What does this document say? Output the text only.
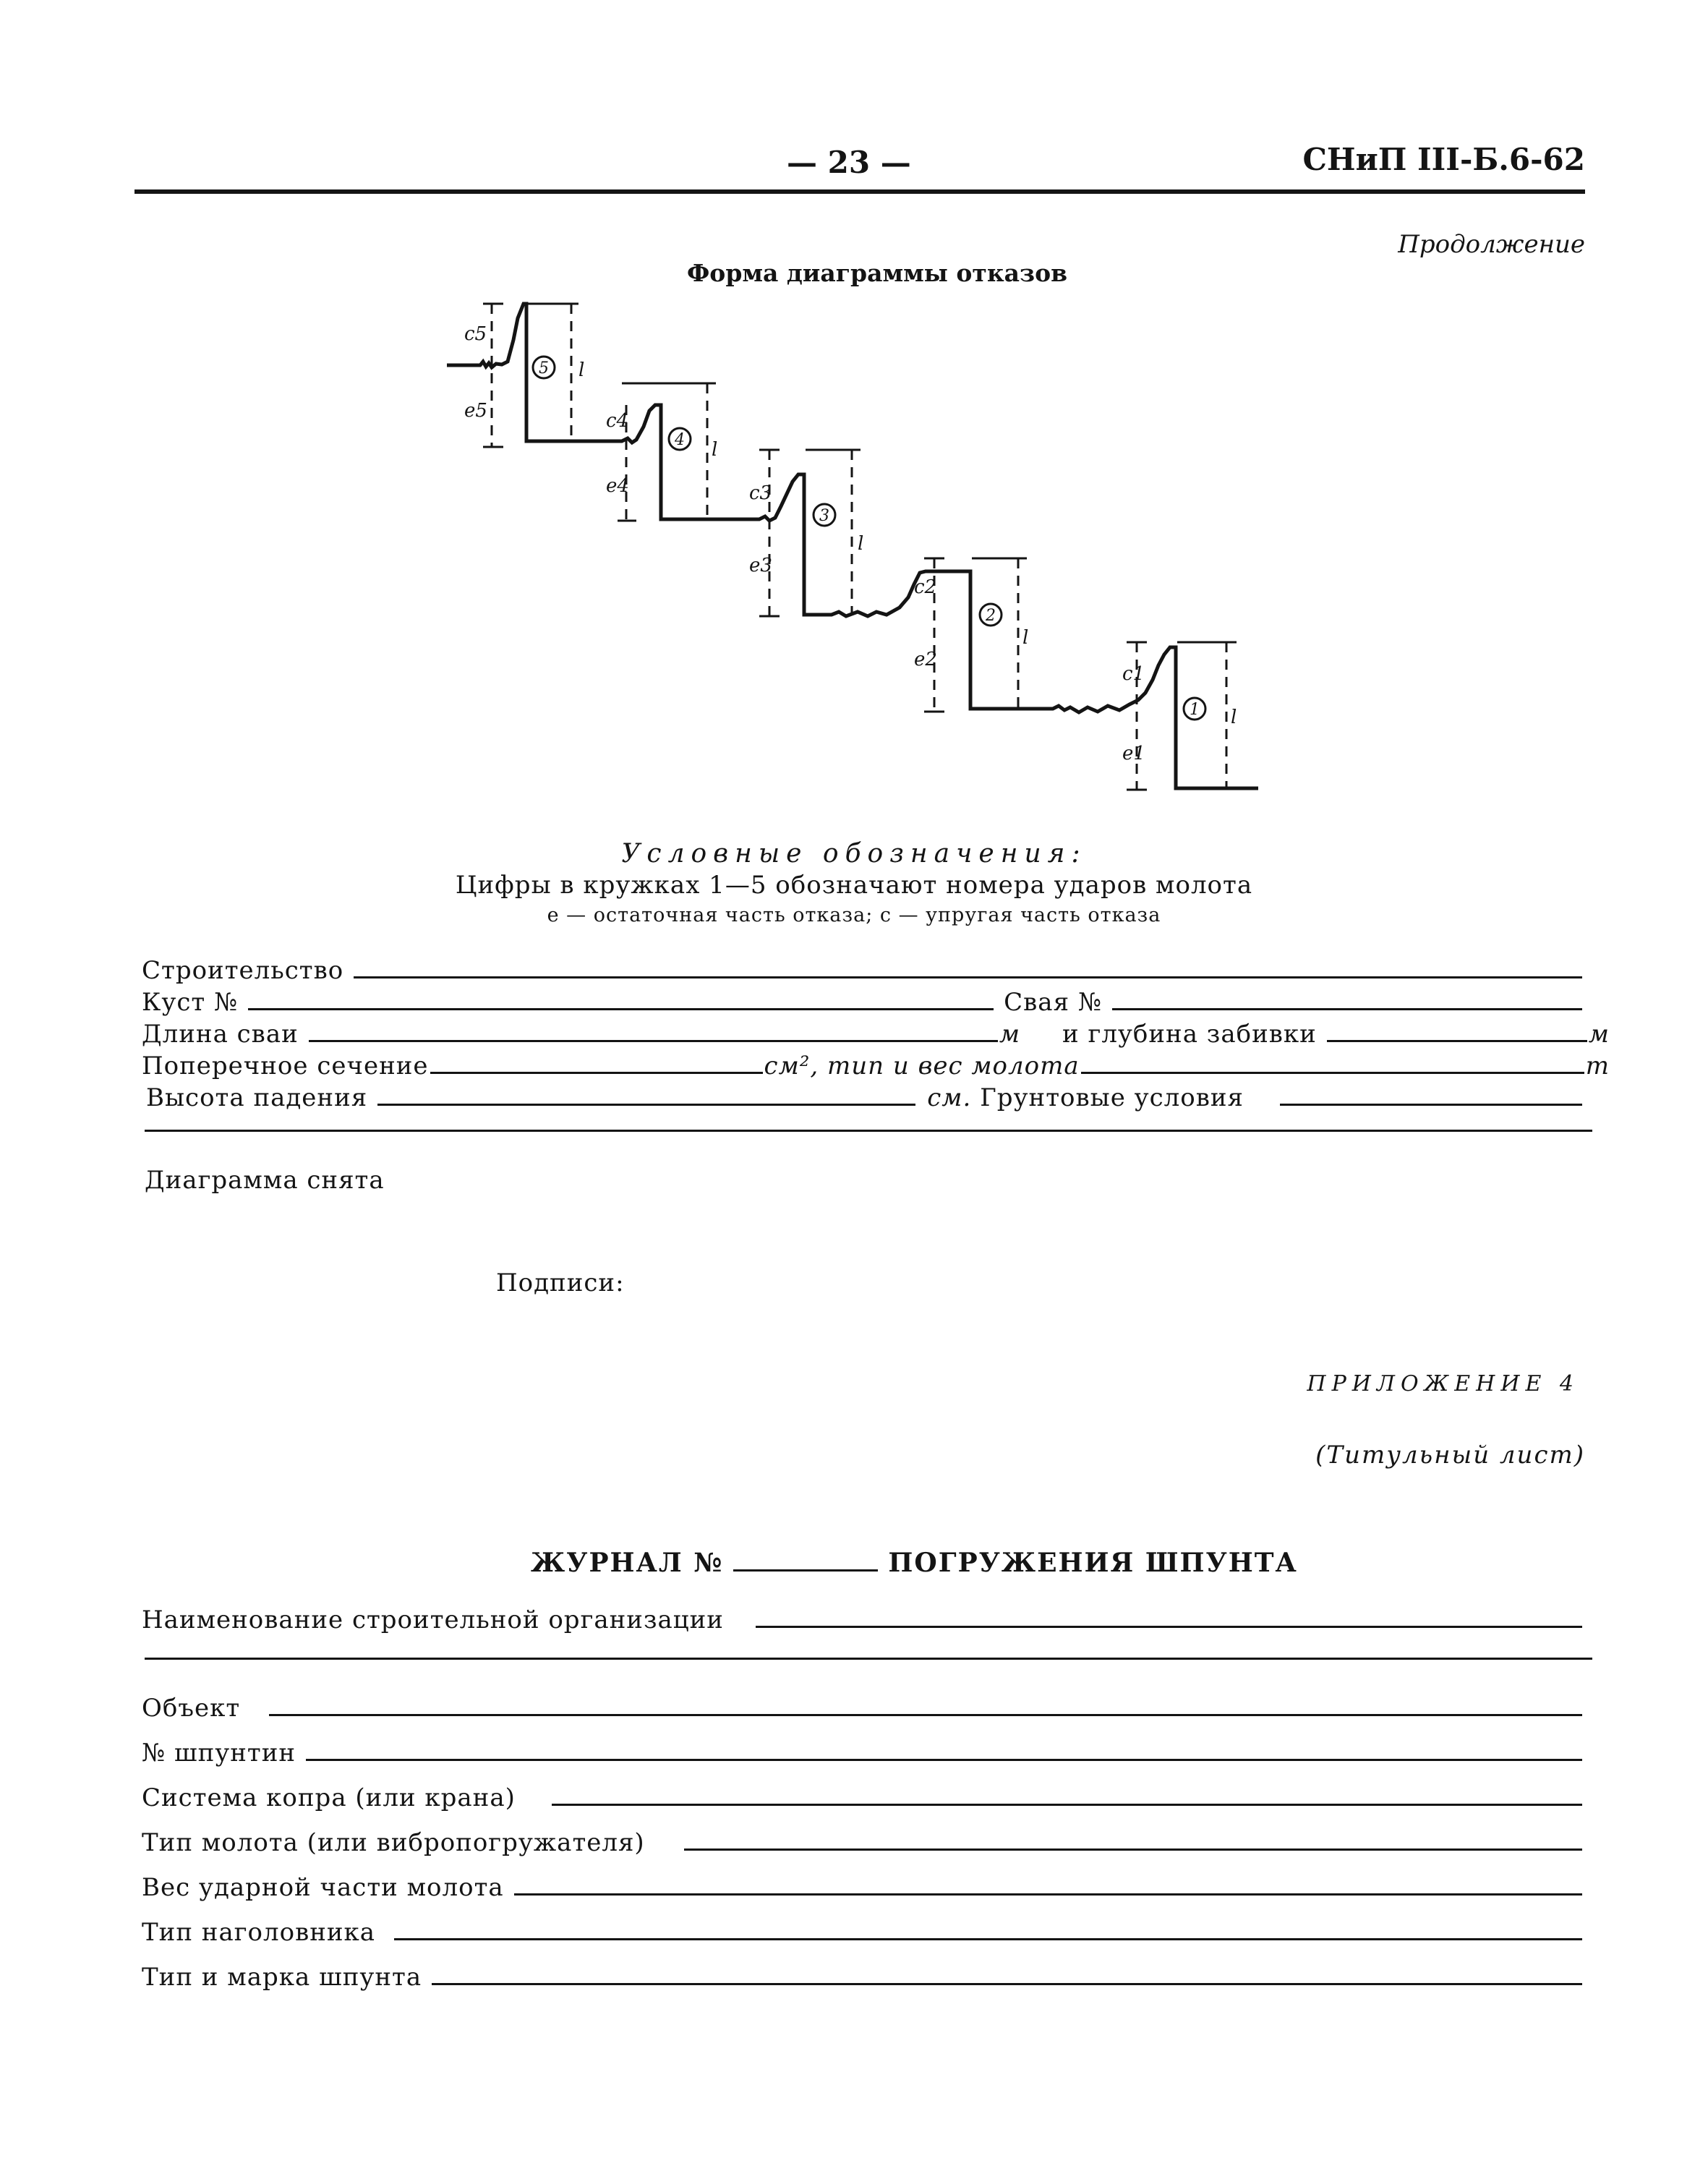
— 23 —	СНиП III-Б.6-62
Продолжение
Форма диаграммы отказов
5
c5
e5
l
4
c4
e4
l
3
c3
e3
l
2
c2
e2
l
1
c1
e1
l
Условные обозначения:
Цифры в кружках 1—5 обозначают номера ударов молота
e — остаточная часть отказа; c — упругая часть отказа
Строительство
Куст №	Свая №
Длина сваи	м и глубина забивки	м
Поперечное сечение	см², тип и вес молота	т
Высота падения	см. Грунтовые условия
Диаграмма снята
Подписи:
ПРИЛОЖЕНИЕ 4
(Титульный лист)
ЖУРНАЛ №	ПОГРУЖЕНИЯ ШПУНТА
Наименование строительной организации
Объект
№ шпунтин
Система копра (или крана)
Тип молота (или вибропогружателя)
Вес ударной части молота
Тип наголовника
Тип и марка шпунта
